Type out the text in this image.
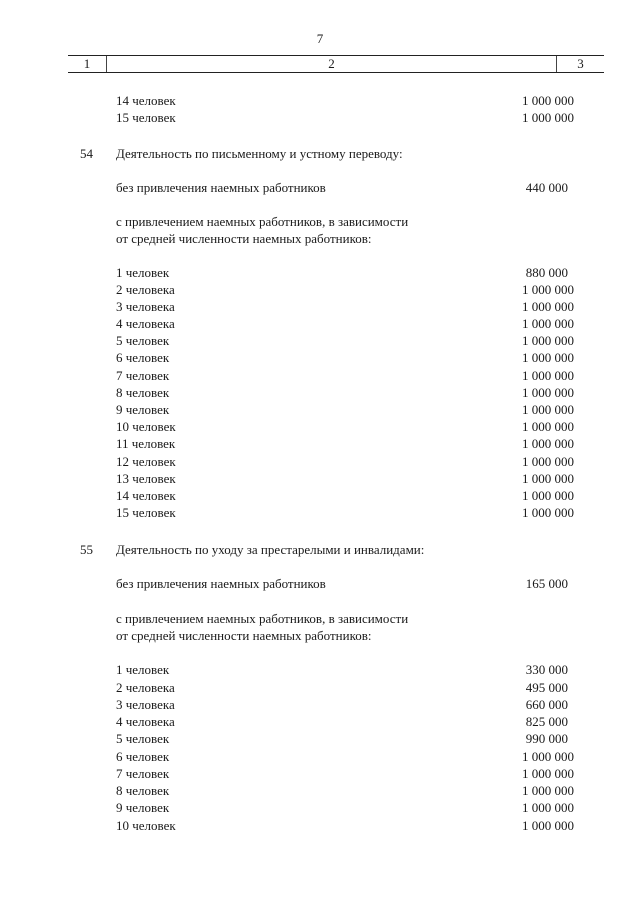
7
1	2	3
14 человек	1 000 000
15 человек	1 000 000
54 Деятельность по письменному и устному переводу:
без привлечения наемных работников	440 000
с привлечением наемных работников, в зависимости
от средней численности наемных работников:
1 человек	880 000
2 человека	1 000 000
3 человека	1 000 000
4 человека	1 000 000
5 человек	1 000 000
6 человек	1 000 000
7 человек	1 000 000
8 человек	1 000 000
9 человек	1 000 000
10 человек	1 000 000
11 человек	1 000 000
12 человек	1 000 000
13 человек	1 000 000
14 человек	1 000 000
15 человек	1 000 000
55 Деятельность по уходу за престарелыми и инвалидами:
без привлечения наемных работников	165 000
с привлечением наемных работников, в зависимости
от средней численности наемных работников:
1 человек	330 000
2 человека	495 000
3 человека	660 000
4 человека	825 000
5 человек	990 000
6 человек	1 000 000
7 человек	1 000 000
8 человек	1 000 000
9 человек	1 000 000
10 человек	1 000 000
